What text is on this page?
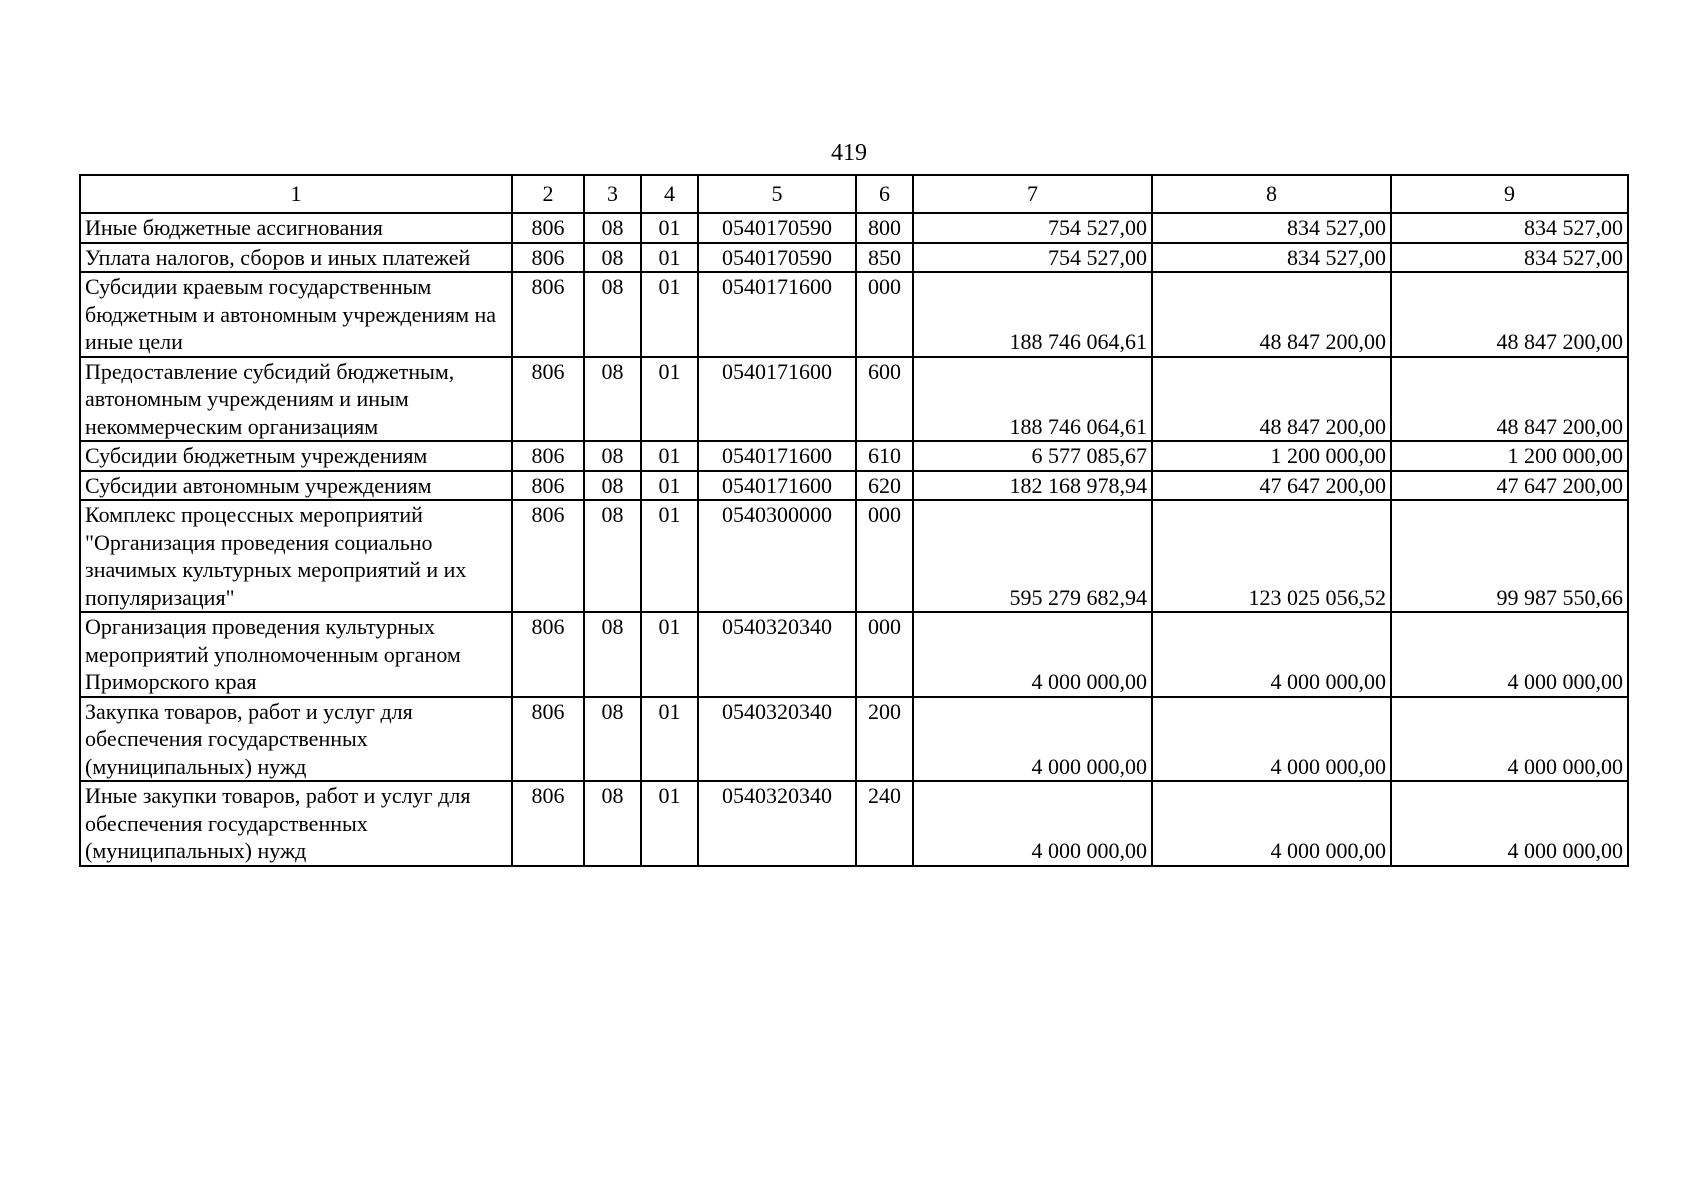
419
1	2	3	4	5	6	7	8	9
Иные бюджетные ассигнования	806	08	01	0540170590	800	754 527,00	834 527,00	834 527,00
Уплата налогов, сборов и иных платежей	806	08	01	0540170590	850	754 527,00	834 527,00	834 527,00
Субсидии краевым государственным бюджетным и автономным учреждениям на иные цели	806	08	01	0540171600	000	188 746 064,61	48 847 200,00	48 847 200,00
Предоставление субсидий бюджетным, автономным учреждениям и иным некоммерческим организациям	806	08	01	0540171600	600	188 746 064,61	48 847 200,00	48 847 200,00
Субсидии бюджетным учреждениям	806	08	01	0540171600	610	6 577 085,67	1 200 000,00	1 200 000,00
Субсидии автономным учреждениям	806	08	01	0540171600	620	182 168 978,94	47 647 200,00	47 647 200,00
Комплекс процессных мероприятий "Организация проведения социально значимых культурных мероприятий и их популяризация"	806	08	01	0540300000	000	595 279 682,94	123 025 056,52	99 987 550,66
Организация проведения культурных мероприятий уполномоченным органом Приморского края	806	08	01	0540320340	000	4 000 000,00	4 000 000,00	4 000 000,00
Закупка товаров, работ и услуг для обеспечения государственных (муниципальных) нужд	806	08	01	0540320340	200	4 000 000,00	4 000 000,00	4 000 000,00
Иные закупки товаров, работ и услуг для обеспечения государственных (муниципальных) нужд	806	08	01	0540320340	240	4 000 000,00	4 000 000,00	4 000 000,00
